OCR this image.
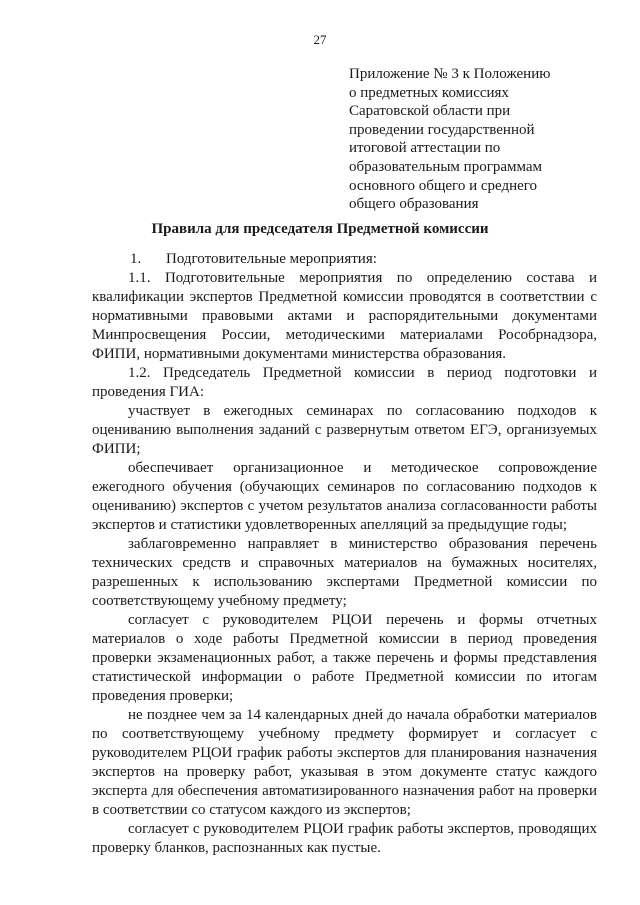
27
Приложение № 3 к Положению
о предметных комиссиях
Саратовской области при
проведении государственной
итоговой аттестации по
образовательным программам
основного общего и среднего
общего образования
Правила для председателя Предметной комиссии

1. Подготовительные мероприятия:

1.1. Подготовительные мероприятия по определению состава и квалификации экспертов Предметной комиссии проводятся в соответствии с нормативными правовыми актами и распорядительными документами Минпросвещения России, методическими материалами Рособрнадзора, ФИПИ, нормативными документами министерства образования.

1.2. Председатель Предметной комиссии в период подготовки и проведения ГИА:

участвует в ежегодных семинарах по согласованию подходов к оцениванию выполнения заданий с развернутым ответом ЕГЭ, организуемых ФИПИ;

обеспечивает организационное и методическое сопровождение ежегодного обучения (обучающих семинаров по согласованию подходов к оцениванию) экспертов с учетом результатов анализа согласованности работы экспертов и статистики удовлетворенных апелляций за предыдущие годы;

заблаговременно направляет в министерство образования перечень технических средств и справочных материалов на бумажных носителях, разрешенных к использованию экспертами Предметной комиссии по соответствующему учебному предмету;

согласует с руководителем РЦОИ перечень и формы отчетных материалов о ходе работы Предметной комиссии в период проведения проверки экзаменационных работ, а также перечень и формы представления статистической информации о работе Предметной комиссии по итогам проведения проверки;

не позднее чем за 14 календарных дней до начала обработки материалов по соответствующему учебному предмету формирует и согласует с руководителем РЦОИ график работы экспертов для планирования назначения экспертов на проверку работ, указывая в этом документе статус каждого эксперта для обеспечения автоматизированного назначения работ на проверки в соответствии со статусом каждого из экспертов;

согласует с руководителем РЦОИ график работы экспертов, проводящих проверку бланков, распознанных как пустые.
